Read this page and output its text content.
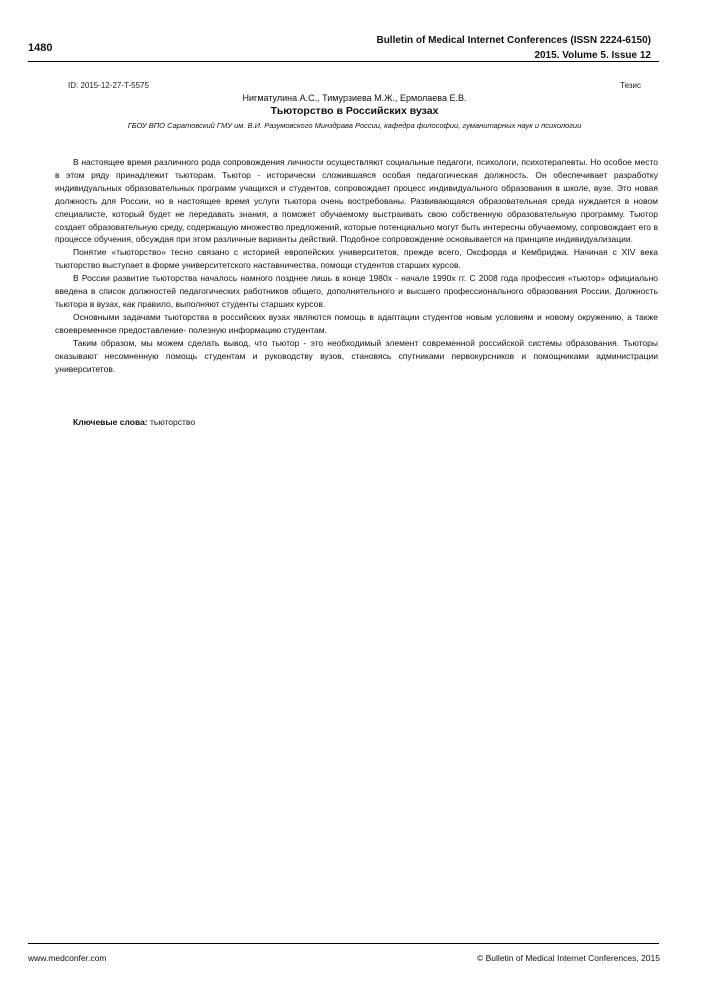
1480
Bulletin of Medical Internet Conferences (ISSN 2224-6150)
2015. Volume 5. Issue 12
ID: 2015-12-27-T-5575	Тезис
Нигматулина А.С., Тимурзиева М.Ж., Ермолаева Е.В.
Тьюторство в Российских вузах
ГБОУ ВПО Саратовский ГМУ им. В.И. Разумовского Минздрава России, кафедра философии, гуманитарных наук и психологии

В настоящее время различного рода сопровождения личности осуществляют социальные педагоги, психологи, психотерапевты. Но особое место в этом ряду принадлежит тьюторам. Тьютор - исторически сложившаяся особая педагогическая должность. Он обеспечивает разработку индивидуальных образовательных программ учащихся и студентов, сопровождает процесс индивидуального образования в школе, вузе. Это новая должность для России, но в настоящее время услуги тьютора очень востребованы. Развивающаяся образовательная среда нуждается в новом специалисте, который будет не передавать знания, а поможет обучаемому выстраивать свою собственную образовательную программу. Тьютор создает образовательную среду, содержащую множество предложений, которые потенциально могут быть интересны обучаемому, сопровождает его в процессе обучения, обсуждая при этом различные варианты действий. Подобное сопровождение основывается на принципе индивидуализации.

Понятие «тьюторство» тесно связано с историей европейских университетов, прежде всего, Оксфорда и Кембриджа. Начиная с XIV века тьюторство выступает в форме университетского наставничества, помощи студентов старших курсов.

В России развитие тьюторства началось намного позднее лишь в конце 1980х - начале 1990х гг. С 2008 года профессия «тьютор» официально введена в список должностей педагогических работников общего, дополнительного и высшего профессионального образования России. Должность тьютора в вузах, как правило, выполняют студенты старших курсов.

Основными задачами тьюторства в российских вузах являются помощь в адаптации студентов новым условиям и новому окружению, а также своевременное предоставление- полезную информацию студентам.

Таким образом, мы можем сделать вывод, что тьютор - это необходимый элемент современной российской системы образования. Тьюторы оказывают несомненную помощь студентам и руководству вузов, становясь спутниками первокурсников и помощниками администрации университетов.

Ключевые слова: тьюторство
www.medconfer.com	© Bulletin of Medical Internet Conferences, 2015
